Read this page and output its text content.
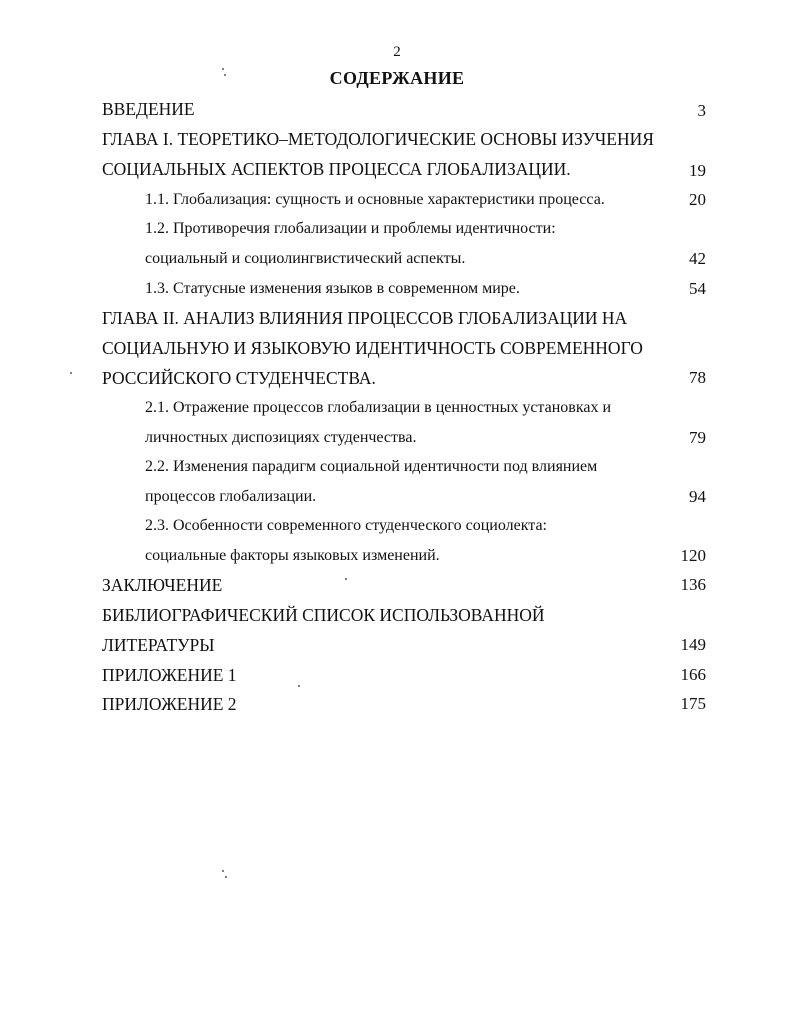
2
СОДЕРЖАНИЕ
ВВЕДЕНИЕ	3
ГЛАВА I. ТЕОРЕТИКО–МЕТОДОЛОГИЧЕСКИЕ ОСНОВЫ ИЗУЧЕНИЯ
СОЦИАЛЬНЫХ АСПЕКТОВ ПРОЦЕССА ГЛОБАЛИЗАЦИИ.	19
1.1. Глобализация: сущность и основные характеристики процесса.	20
1.2. Противоречия глобализации и проблемы идентичности:
социальный и социолингвистический аспекты.	42
1.3. Статусные изменения языков в современном мире.	54
ГЛАВА II. АНАЛИЗ ВЛИЯНИЯ ПРОЦЕССОВ ГЛОБАЛИЗАЦИИ НА
СОЦИАЛЬНУЮ И ЯЗЫКОВУЮ ИДЕНТИЧНОСТЬ СОВРЕМЕННОГО
РОССИЙСКОГО СТУДЕНЧЕСТВА.	78
2.1. Отражение процессов глобализации в ценностных установках и
личностных диспозициях студенчества.	79
2.2. Изменения парадигм социальной идентичности под влиянием
процессов глобализации.	94
2.3. Особенности современного студенческого социолекта:
социальные факторы языковых изменений.	120
ЗАКЛЮЧЕНИЕ	136
БИБЛИОГРАФИЧЕСКИЙ СПИСОК ИСПОЛЬЗОВАННОЙ
ЛИТЕРАТУРЫ	149
ПРИЛОЖЕНИЕ 1	166
ПРИЛОЖЕНИЕ 2	175
